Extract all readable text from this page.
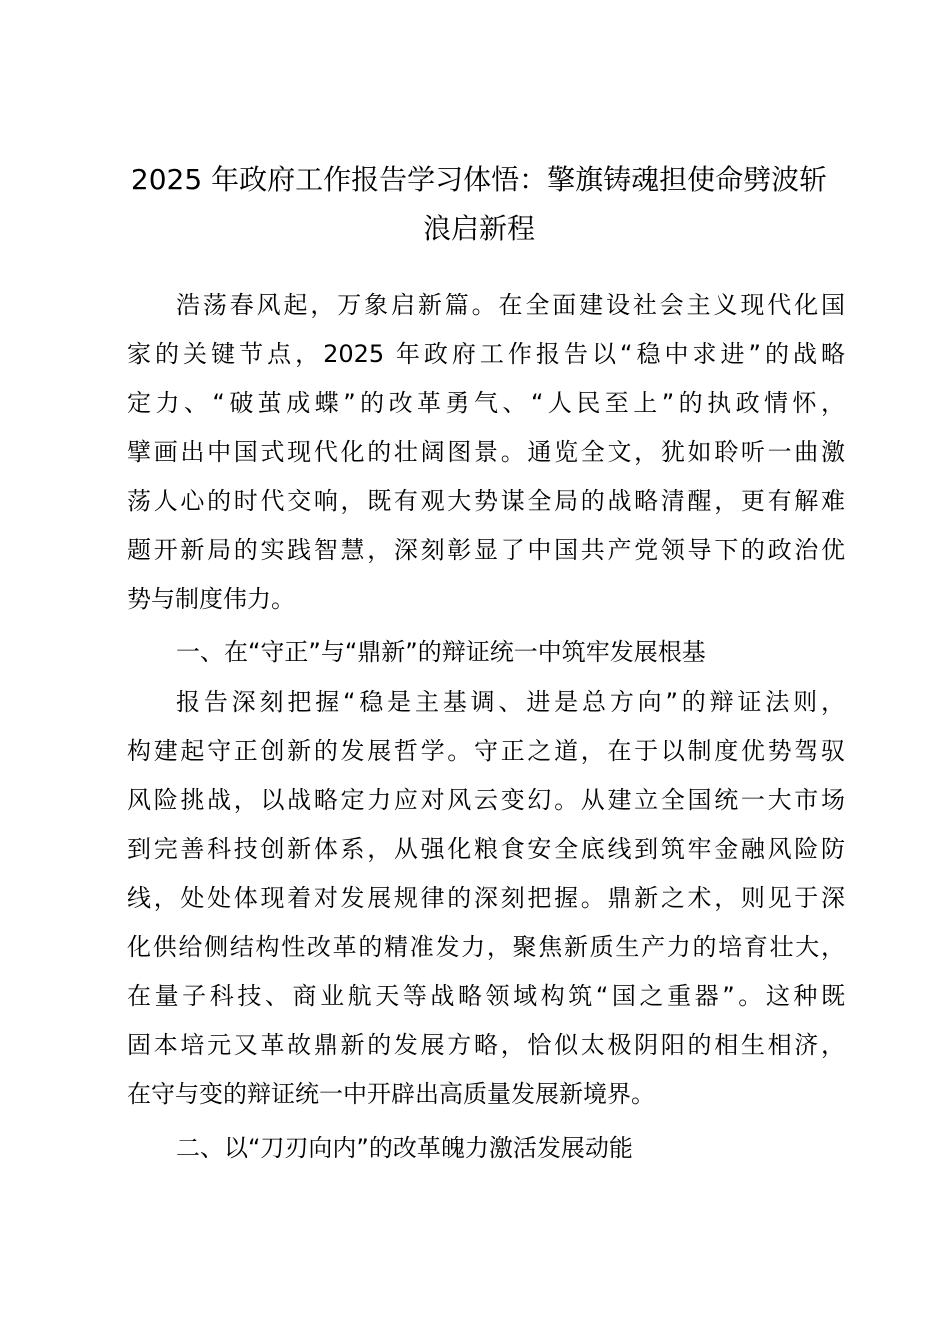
2025 年政府工作报告学习体悟：擎旗铸魂担使命劈波斩
浪启新程

浩荡春风起，万象启新篇。在全面建设社会主义现代化国

家的关键节点，2025 年政府工作报告以“稳中求进”的战略

定力、“破茧成蝶”的改革勇气、“人民至上”的执政情怀，

擘画出中国式现代化的壮阔图景。通览全文，犹如聆听一曲激

荡人心的时代交响，既有观大势谋全局的战略清醒，更有解难

题开新局的实践智慧，深刻彰显了中国共产党领导下的政治优

势与制度伟力。

一、在“守正”与“鼎新”的辩证统一中筑牢发展根基

报告深刻把握“稳是主基调、进是总方向”的辩证法则，

构建起守正创新的发展哲学。守正之道，在于以制度优势驾驭

风险挑战，以战略定力应对风云变幻。从建立全国统一大市场

到完善科技创新体系，从强化粮食安全底线到筑牢金融风险防

线，处处体现着对发展规律的深刻把握。鼎新之术，则见于深

化供给侧结构性改革的精准发力，聚焦新质生产力的培育壮大，

在量子科技、商业航天等战略领域构筑“国之重器”。这种既

固本培元又革故鼎新的发展方略，恰似太极阴阳的相生相济，

在守与变的辩证统一中开辟出高质量发展新境界。

二、以“刀刃向内”的改革魄力激活发展动能
